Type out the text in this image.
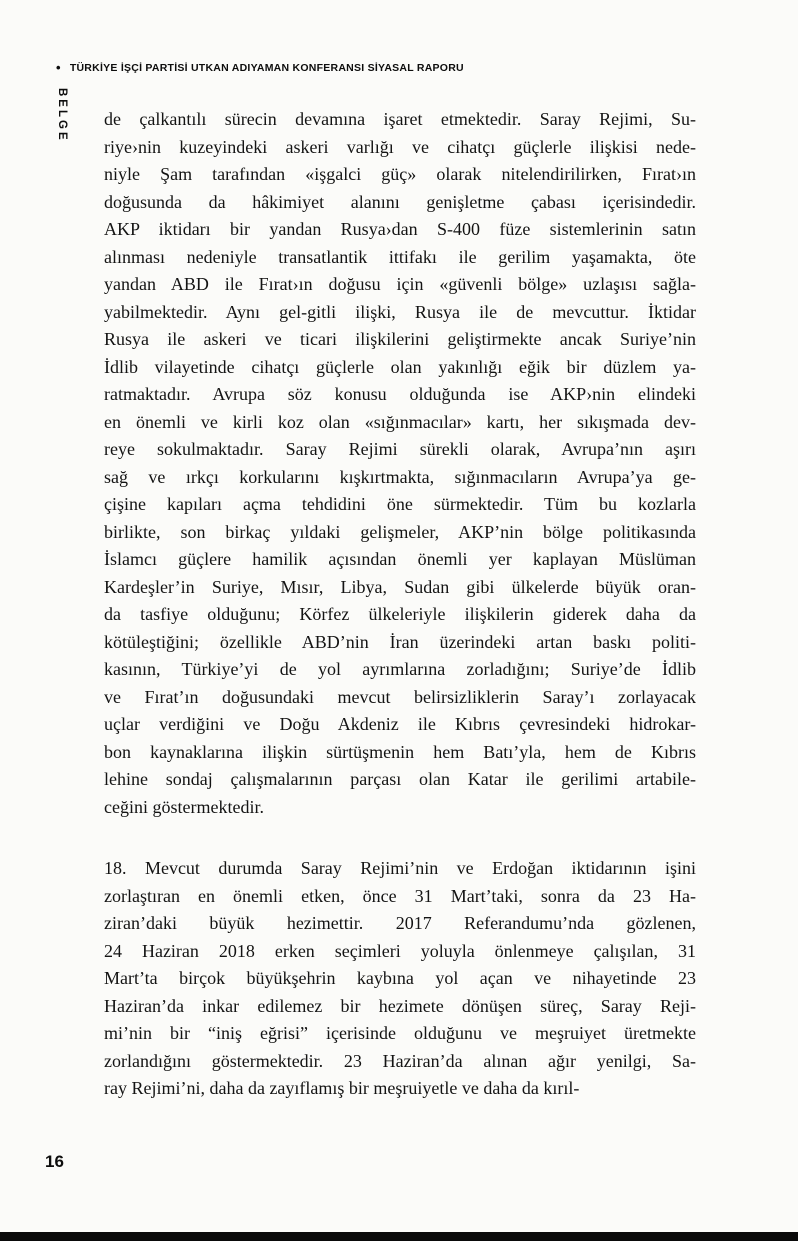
• TÜRKİYE İŞÇİ PARTİSİ UTKAN ADIYAMAN KONFERANSI SİYASAL RAPORU
BELGE de çalkantılı sürecin devamına işaret etmektedir. Saray Rejimi, Su-
riye›nin kuzeyindeki askeri varlığı ve cihatçı güçlerle ilişkisi nede-
niyle Şam tarafından «işgalci güç» olarak nitelendirilirken, Fırat›ın
doğusunda da hâkimiyet alanını genişletme çabası içerisindedir.
AKP iktidarı bir yandan Rusya›dan S-400 füze sistemlerinin satın
alınması nedeniyle transatlantik ittifakı ile gerilim yaşamakta, öte
yandan ABD ile Fırat›ın doğusu için «güvenli bölge» uzlaşısı sağla-
yabilmektedir. Aynı gel-gitli ilişki, Rusya ile de mevcuttur. İktidar
Rusya ile askeri ve ticari ilişkilerini geliştirmekte ancak Suriye’nin
İdlib vilayetinde cihatçı güçlerle olan yakınlığı eğik bir düzlem ya-
ratmaktadır. Avrupa söz konusu olduğunda ise AKP›nin elindeki
en önemli ve kirli koz olan «sığınmacılar» kartı, her sıkışmada dev-
reye sokulmaktadır. Saray Rejimi sürekli olarak, Avrupa’nın aşırı
sağ ve ırkçı korkularını kışkırtmakta, sığınmacıların Avrupa’ya ge-
çişine kapıları açma tehdidini öne sürmektedir. Tüm bu kozlarla
birlikte, son birkaç yıldaki gelişmeler, AKP’nin bölge politikasında
İslamcı güçlere hamilik açısından önemli yer kaplayan Müslüman
Kardeşler’in Suriye, Mısır, Libya, Sudan gibi ülkelerde büyük oran-
da tasfiye olduğunu; Körfez ülkeleriyle ilişkilerin giderek daha da
kötüleştiğini; özellikle ABD’nin İran üzerindeki artan baskı politi-
kasının, Türkiye’yi de yol ayrımlarına zorladığını; Suriye’de İdlib
ve Fırat’ın doğusundaki mevcut belirsizliklerin Saray’ı zorlayacak
uçlar verdiğini ve Doğu Akdeniz ile Kıbrıs çevresindeki hidrokar-
bon kaynaklarına ilişkin sürtüşmenin hem Batı’yla, hem de Kıbrıs
lehine sondaj çalışmalarının parçası olan Katar ile gerilimi artabile-
ceğini göstermektedir.
18. Mevcut durumda Saray Rejimi’nin ve Erdoğan iktidarının işini
zorlaştıran en önemli etken, önce 31 Mart’taki, sonra da 23 Ha-
ziran’daki büyük hezimettir. 2017 Referandumu’nda gözlenen,
24 Haziran 2018 erken seçimleri yoluyla önlenmeye çalışılan, 31
Mart’ta birçok büyükşehrin kaybına yol açan ve nihayetinde 23
Haziran’da inkar edilemez bir hezimete dönüşen süreç, Saray Reji-
mi’nin bir “iniş eğrisi” içerisinde olduğunu ve meşruiyet üretmekte
zorlandığını göstermektedir. 23 Haziran’da alınan ağır yenilgi, Sa-
ray Rejimi’ni, daha da zayıflamış bir meşruiyetle ve daha da kırıl-
16
